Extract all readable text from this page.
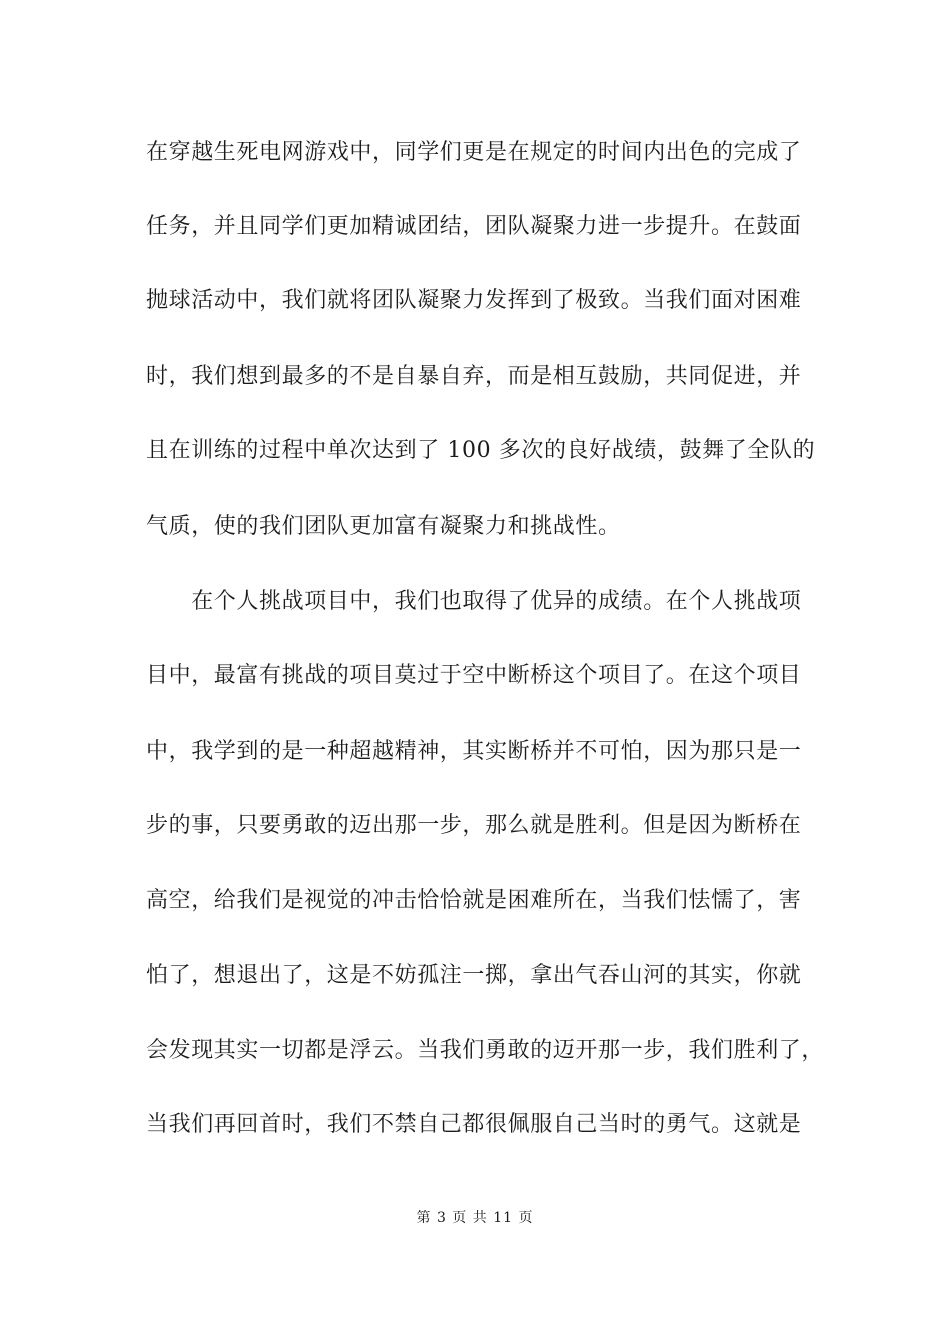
在穿越生死电网游戏中，同学们更是在规定的时间内出色的完成了
任务，并且同学们更加精诚团结，团队凝聚力进一步提升。在鼓面
抛球活动中，我们就将团队凝聚力发挥到了极致。当我们面对困难
时，我们想到最多的不是自暴自弃，而是相互鼓励，共同促进，并
且在训练的过程中单次达到了 100 多次的良好战绩，鼓舞了全队的
气质，使的我们团队更加富有凝聚力和挑战性。
　　在个人挑战项目中，我们也取得了优异的成绩。在个人挑战项
目中，最富有挑战的项目莫过于空中断桥这个项目了。在这个项目
中，我学到的是一种超越精神，其实断桥并不可怕，因为那只是一
步的事，只要勇敢的迈出那一步，那么就是胜利。但是因为断桥在
高空，给我们是视觉的冲击恰恰就是困难所在，当我们怯懦了，害
怕了，想退出了，这是不妨孤注一掷，拿出气吞山河的其实，你就
会发现其实一切都是浮云。当我们勇敢的迈开那一步，我们胜利了，
当我们再回首时，我们不禁自己都很佩服自己当时的勇气。这就是
第 3 页 共 11 页
